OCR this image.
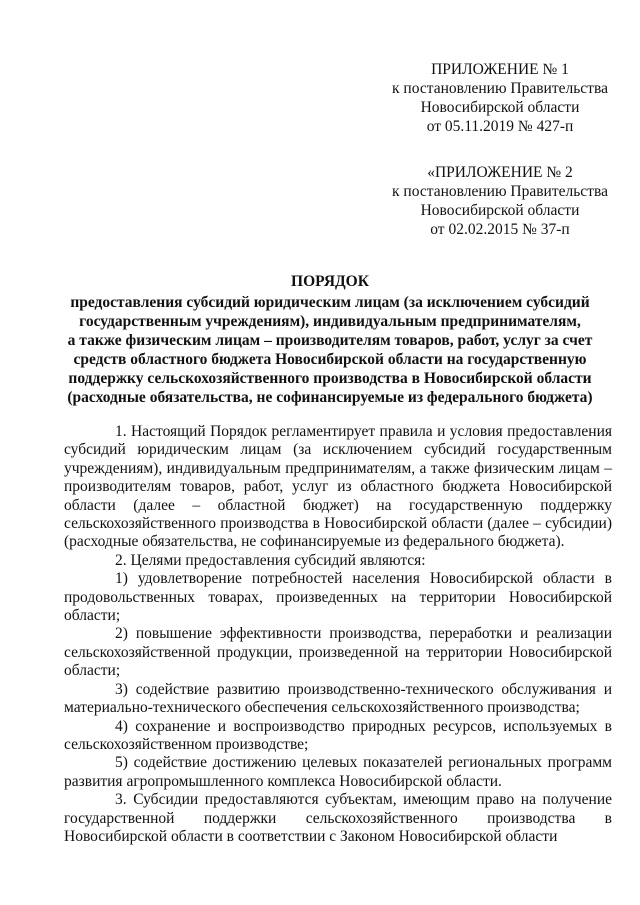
ПРИЛОЖЕНИЕ № 1
к постановлению Правительства
Новосибирской области
от 05.11.2019 № 427-п
«ПРИЛОЖЕНИЕ № 2
к постановлению Правительства
Новосибирской области
от 02.02.2015 № 37-п
ПОРЯДОК
предоставления субсидий юридическим лицам (за исключением субсидий
государственным учреждениям), индивидуальным предпринимателям,
а также физическим лицам – производителям товаров, работ, услуг за счет
средств областного бюджета Новосибирской области на государственную
поддержку сельскохозяйственного производства в Новосибирской области
(расходные обязательства, не софинансируемые из федерального бюджета)

1. Настоящий Порядок регламентирует правила и условия предоставления субсидий юридическим лицам (за исключением субсидий государственным учреждениям), индивидуальным предпринимателям, а также физическим лицам – производителям товаров, работ, услуг из областного бюджета Новосибирской области (далее – областной бюджет) на государственную поддержку сельскохозяйственного производства в Новосибирской области (далее – субсидии) (расходные обязательства, не софинансируемые из федерального бюджета).

2. Целями предоставления субсидий являются:

1) удовлетворение потребностей населения Новосибирской области в продовольственных товарах, произведенных на территории Новосибирской области;

2) повышение эффективности производства, переработки и реализации сельскохозяйственной продукции, произведенной на территории Новосибирской области;

3) содействие развитию производственно-технического обслуживания и материально-технического обеспечения сельскохозяйственного производства;

4) сохранение и воспроизводство природных ресурсов, используемых в сельскохозяйственном производстве;

5) содействие достижению целевых показателей региональных программ развития агропромышленного комплекса Новосибирской области.

3. Субсидии предоставляются субъектам, имеющим право на получение государственной поддержки сельскохозяйственного производства в Новосибирской области в соответствии с Законом Новосибирской области
